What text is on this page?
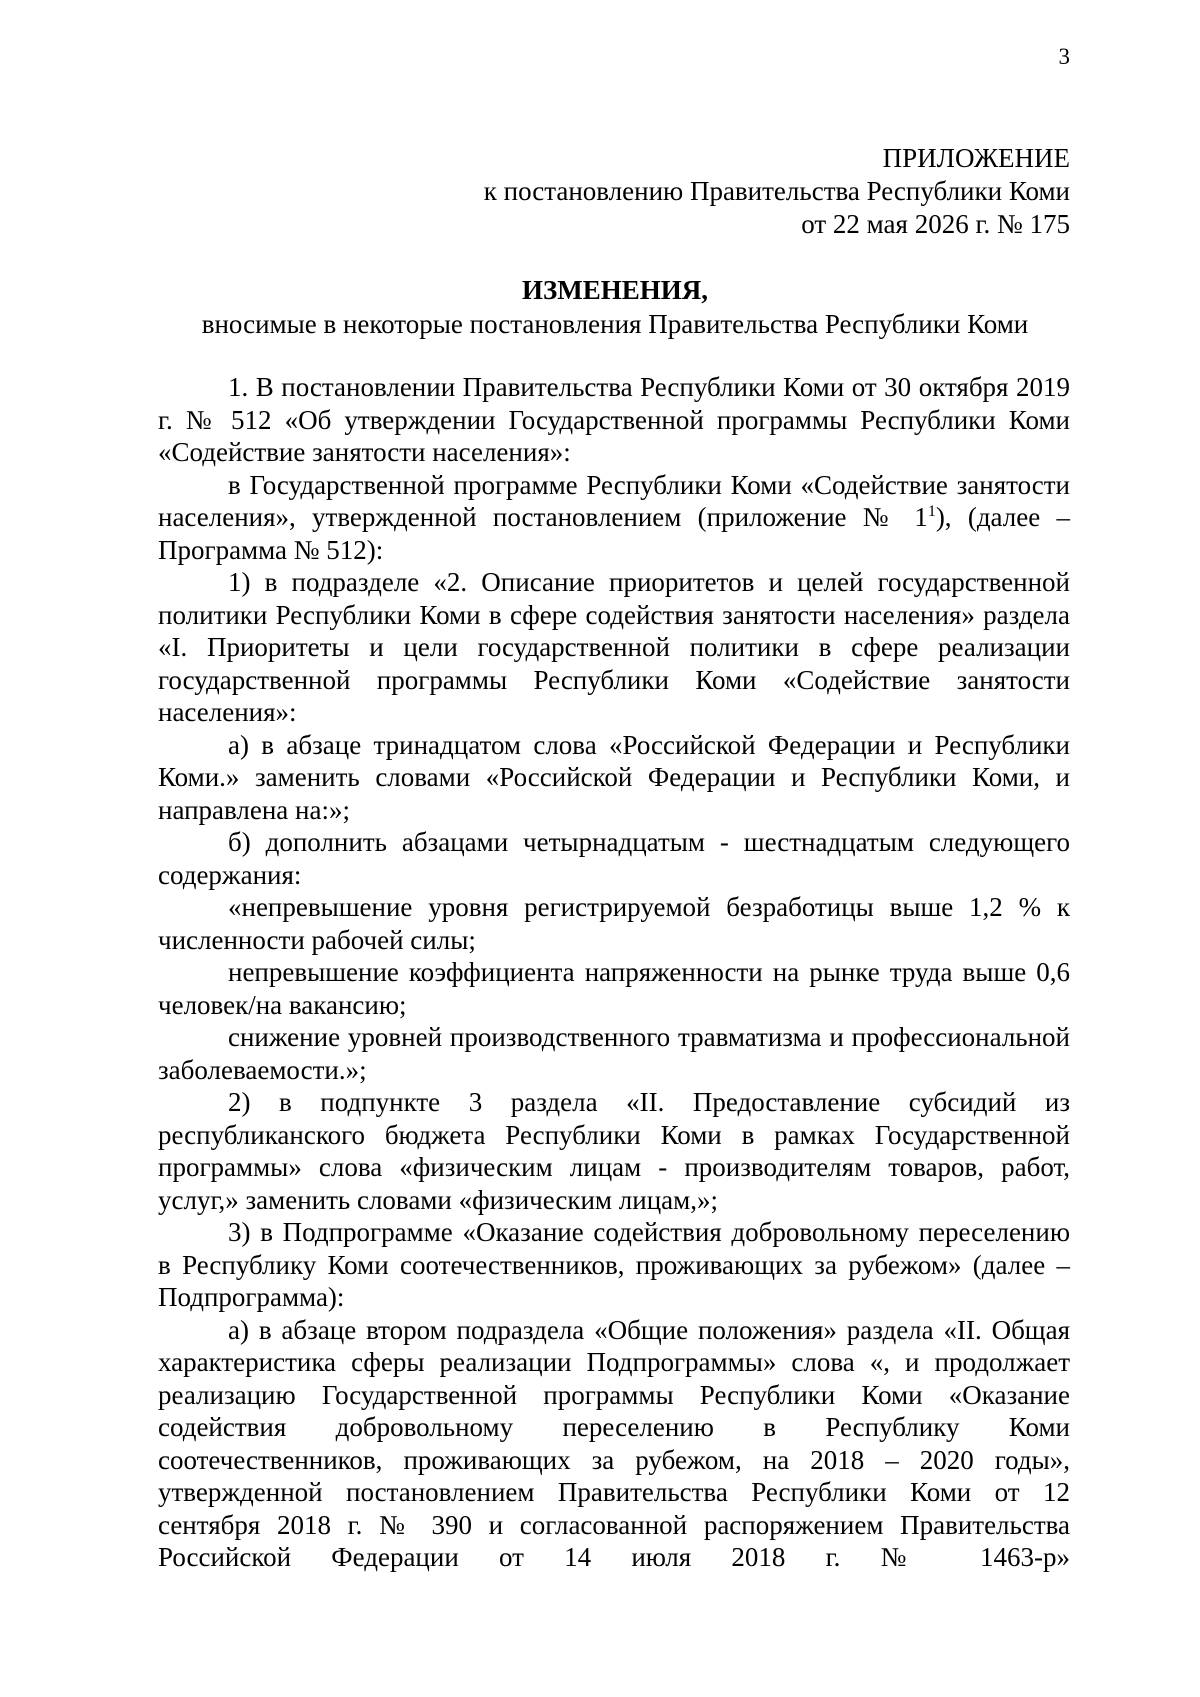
3
ПРИЛОЖЕНИЕ
к постановлению Правительства Республики Коми
от 22 мая 2026 г. № 175
ИЗМЕНЕНИЯ,
вносимые в некоторые постановления Правительства Республики Коми

1. В постановлении Правительства Республики Коми от 30 октября 2019 г. № 512 «Об утверждении Государственной программы Республики Коми «Содействие занятости населения»:

в Государственной программе Республики Коми «Содействие занятости населения», утвержденной постановлением (приложение № $1^1$), (далее – Программа № 512):

1) в подразделе «2. Описание приоритетов и целей государственной политики Республики Коми в сфере содействия занятости населения» раздела «I. Приоритеты и цели государственной политики в сфере реализации государственной программы Республики Коми «Содействие занятости населения»:

а) в абзаце тринадцатом слова «Российской Федерации и Республики Коми.» заменить словами «Российской Федерации и Республики Коми, и направлена на:»;

б) дополнить абзацами четырнадцатым - шестнадцатым следующего содержания:

«непревышение уровня регистрируемой безработицы выше 1,2 % к численности рабочей силы;

непревышение коэффициента напряженности на рынке труда выше 0,6 человек/на вакансию;

снижение уровней производственного травматизма и профессиональной заболеваемости.»;

2) в подпункте 3 раздела «II. Предоставление субсидий из республиканского бюджета Республики Коми в рамках Государственной программы» слова «физическим лицам - производителям товаров, работ, услуг,» заменить словами «физическим лицам,»;

3) в Подпрограмме «Оказание содействия добровольному переселению в Республику Коми соотечественников, проживающих за рубежом» (далее – Подпрограмма):

а) в абзаце втором подраздела «Общие положения» раздела «II. Общая характеристика сферы реализации Подпрограммы» слова «, и продолжает реализацию Государственной программы Республики Коми «Оказание содействия добровольному переселению в Республику Коми соотечественников, проживающих за рубежом, на 2018 – 2020 годы», утвержденной постановлением Правительства Республики Коми от 12 сентября 2018 г. № 390 и согласованной распоряжением Правительства Российской Федерации от 14 июля 2018 г. № 1463-р»
